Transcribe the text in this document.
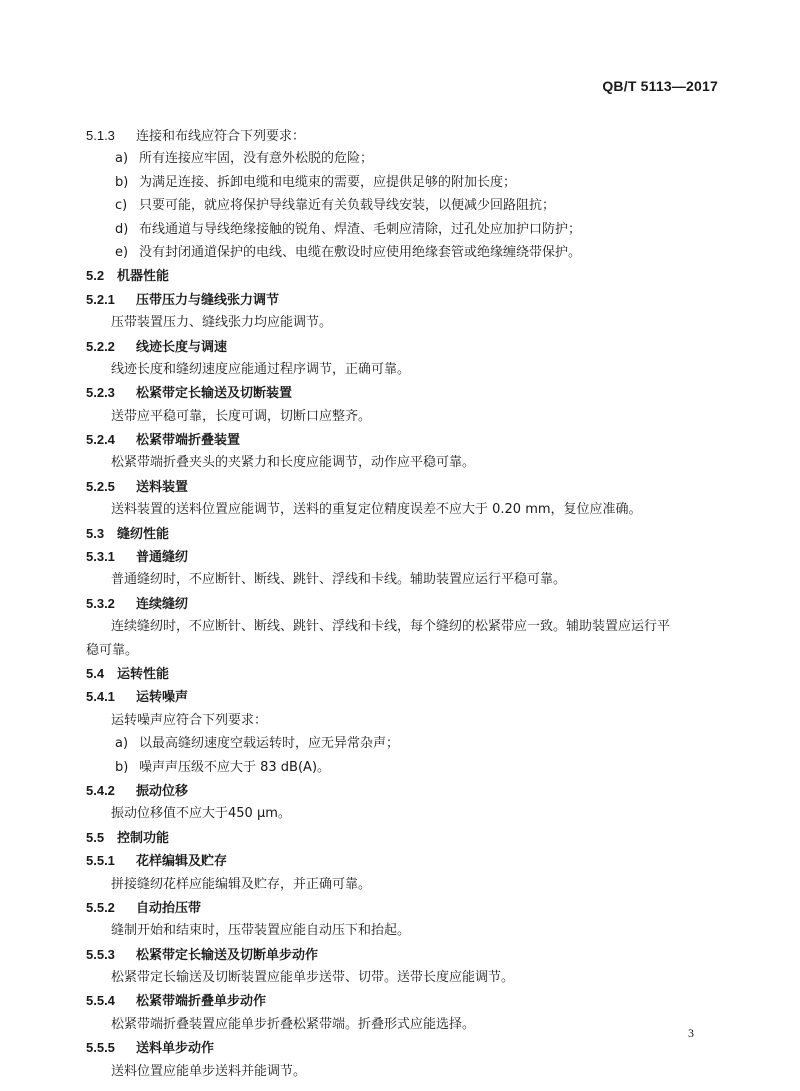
QB/T 5113—2017
5.1.3 连接和布线应符合下列要求：
a) 所有连接应牢固，没有意外松脱的危险；
b) 为满足连接、拆卸电缆和电缆束的需要，应提供足够的附加长度；
c) 只要可能，就应将保护导线靠近有关负载导线安装，以便减少回路阻抗；
d) 布线通道与导线绝缘接触的锐角、焊渣、毛刺应清除，过孔处应加护口防护；
e) 没有封闭通道保护的电线、电缆在敷设时应使用绝缘套管或绝缘缠绕带保护。
5.2 机器性能
5.2.1 压带压力与缝线张力调节
压带装置压力、缝线张力均应能调节。
5.2.2 线迹长度与调速
线迹长度和缝纫速度应能通过程序调节，正确可靠。
5.2.3 松紧带定长输送及切断装置
送带应平稳可靠，长度可调，切断口应整齐。
5.2.4 松紧带端折叠装置
松紧带端折叠夹头的夹紧力和长度应能调节，动作应平稳可靠。
5.2.5 送料装置
送料装置的送料位置应能调节，送料的重复定位精度误差不应大于 0.20 mm，复位应准确。
5.3 缝纫性能
5.3.1 普通缝纫
普通缝纫时，不应断针、断线、跳针、浮线和卡线。辅助装置应运行平稳可靠。
5.3.2 连续缝纫
连续缝纫时，不应断针、断线、跳针、浮线和卡线，每个缝纫的松紧带应一致。辅助装置应运行平
稳可靠。
5.4 运转性能
5.4.1 运转噪声
运转噪声应符合下列要求：
a) 以最高缝纫速度空载运转时，应无异常杂声；
b) 噪声声压级不应大于 83 dB(A)。
5.4.2 振动位移
振动位移值不应大于450 μm。
5.5 控制功能
5.5.1 花样编辑及贮存
拼接缝纫花样应能编辑及贮存，并正确可靠。
5.5.2 自动抬压带
缝制开始和结束时，压带装置应能自动压下和抬起。
5.5.3 松紧带定长输送及切断单步动作
松紧带定长输送及切断装置应能单步送带、切带。送带长度应能调节。
5.5.4 松紧带端折叠单步动作
松紧带端折叠装置应能单步折叠松紧带端。折叠形式应能选择。
5.5.5 送料单步动作
送料位置应能单步送料并能调节。
3
